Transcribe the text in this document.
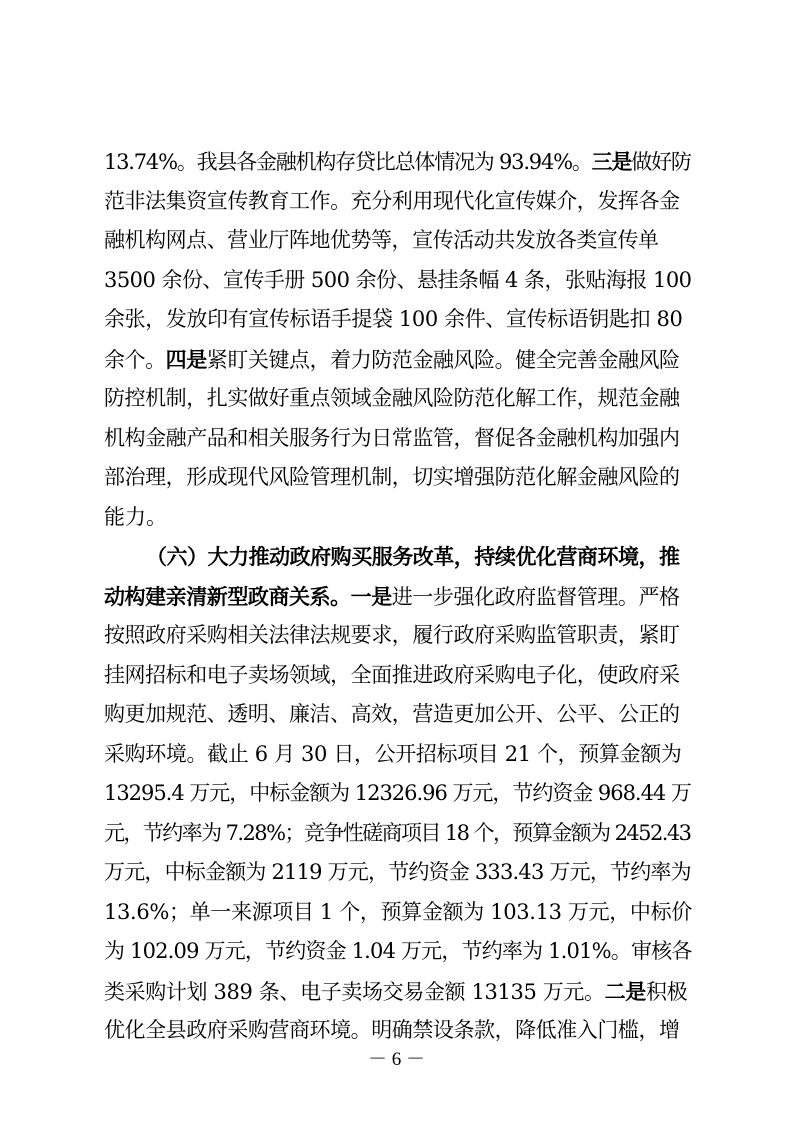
13.74%。我县各金融机构存贷比总体情况为 93.94%。三是做好防
范非法集资宣传教育工作。充分利用现代化宣传媒介，发挥各金
融机构网点、营业厅阵地优势等，宣传活动共发放各类宣传单
3500 余份、宣传手册 500 余份、悬挂条幅 4 条，张贴海报 100
余张，发放印有宣传标语手提袋 100 余件、宣传标语钥匙扣 80
余个。四是紧盯关键点，着力防范金融风险。健全完善金融风险
防控机制，扎实做好重点领域金融风险防范化解工作，规范金融
机构金融产品和相关服务行为日常监管，督促各金融机构加强内
部治理，形成现代风险管理机制，切实增强防范化解金融风险的
能力。
（六）大力推动政府购买服务改革，持续优化营商环境，推
动构建亲清新型政商关系。一是进一步强化政府监督管理。严格
按照政府采购相关法律法规要求，履行政府采购监管职责，紧盯
挂网招标和电子卖场领域，全面推进政府采购电子化，使政府采
购更加规范、透明、廉洁、高效，营造更加公开、公平、公正的
采购环境。截止 6 月 30 日，公开招标项目 21 个，预算金额为
13295.4 万元，中标金额为 12326.96 万元，节约资金 968.44 万
元，节约率为 7.28%；竞争性磋商项目 18 个，预算金额为 2452.43
万元，中标金额为 2119 万元，节约资金 333.43 万元，节约率为
13.6%；单一来源项目 1 个，预算金额为 103.13 万元，中标价
为 102.09 万元，节约资金 1.04 万元，节约率为 1.01%。审核各
类采购计划 389 条、电子卖场交易金额 13135 万元。二是积极
优化全县政府采购营商环境。明确禁设条款，降低准入门槛，增
－ 6 －
